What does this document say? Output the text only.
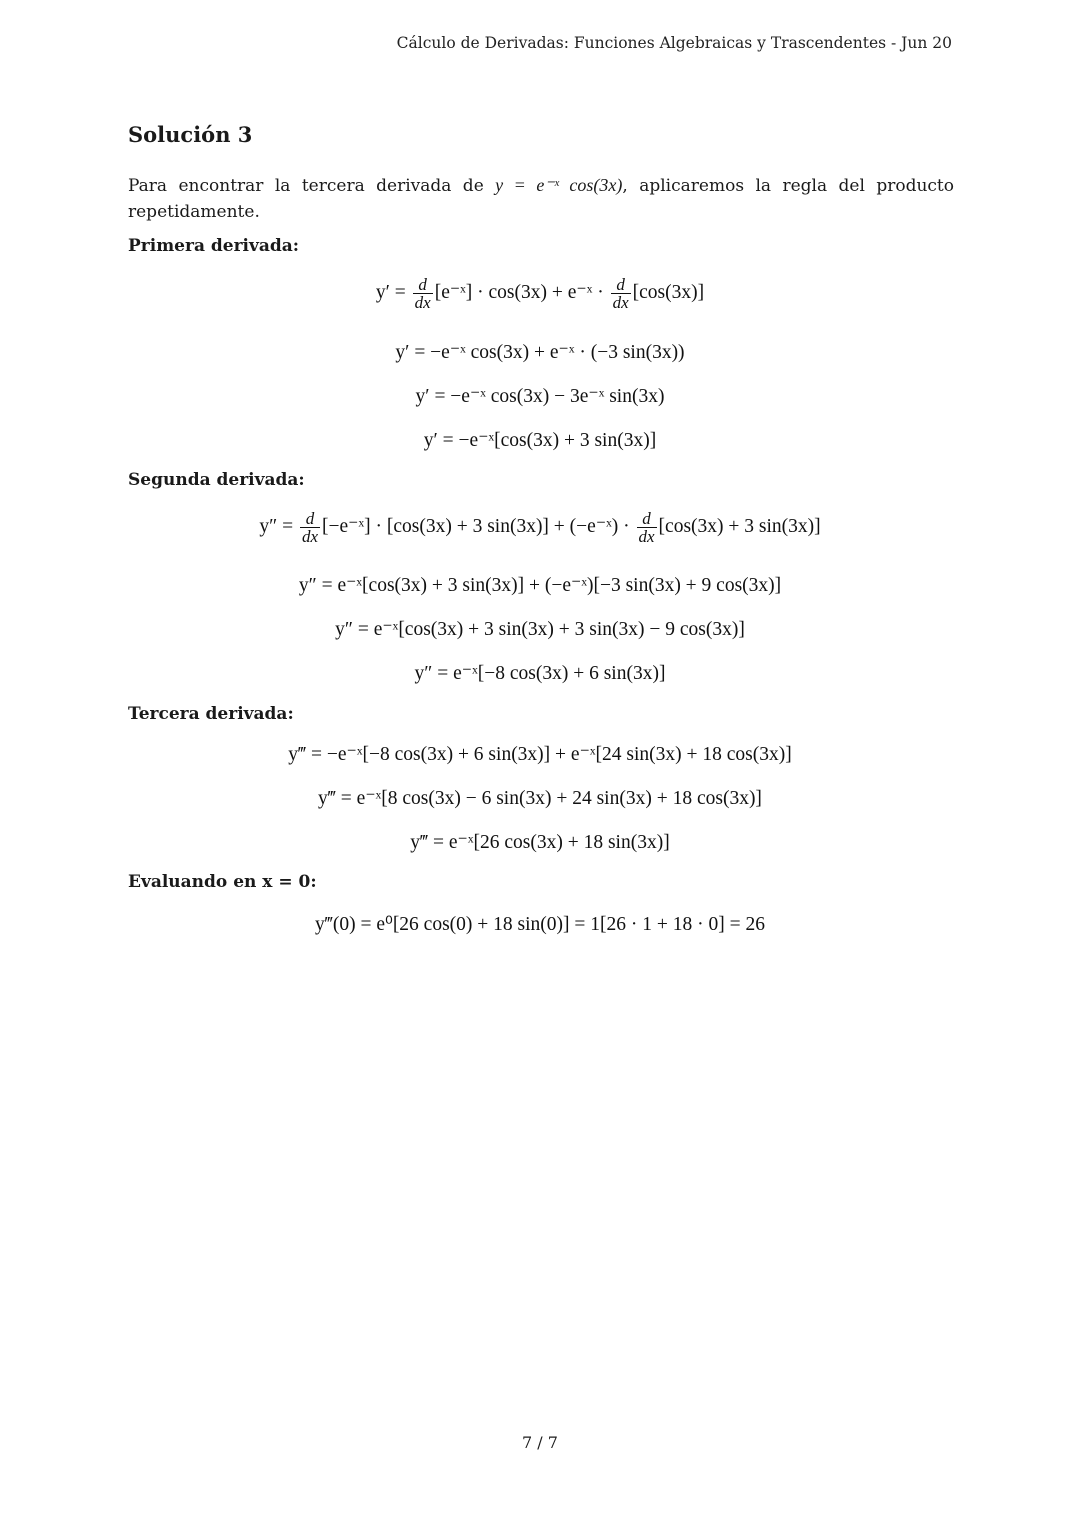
Cálculo de Derivadas: Funciones Algebraicas y Trascendentes - Jun 20
Solución 3
Para encontrar la tercera derivada de y = e⁻ˣ cos(3x), aplicaremos la regla del producto repetidamente.
Primera derivada:
$y' = \frac{d}{dx}$ [e⁻ˣ] · cos(3x) + e⁻ˣ · $\frac{d}{dx} [\cos(3x)]$
y′ = −e⁻ˣ cos(3x) + e⁻ˣ · (−3 sin(3x))
y′ = −e⁻ˣ cos(3x) − 3e⁻ˣ sin(3x)
y′ = −e⁻ˣ[cos(3x) + 3 sin(3x)]
Segunda derivada:
$y'' = \frac{d}{dx}$ [−e⁻ˣ] · [cos(3x) + 3 sin(3x)] + (−e⁻ˣ) · $\frac{d}{dx} [\cos(3x) + 3$ sin(3x)]
y″ = e⁻ˣ[cos(3x) + 3 sin(3x)] + (−e⁻ˣ)[−3 sin(3x) + 9 cos(3x)]
y″ = e⁻ˣ[cos(3x) + 3 sin(3x) + 3 sin(3x) − 9 cos(3x)]
y″ = e⁻ˣ[−8 cos(3x) + 6 sin(3x)]
Tercera derivada:
y‴ = −e⁻ˣ[−8 cos(3x) + 6 sin(3x)] + e⁻ˣ[24 sin(3x) + 18 cos(3x)]
y‴ = e⁻ˣ[8 cos(3x) − 6 sin(3x) + 24 sin(3x) + 18 cos(3x)]
y‴ = e⁻ˣ[26 cos(3x) + 18 sin(3x)]
Evaluando en x = 0:
y‴(0) = e⁰[26 cos(0) + 18 sin(0)] = 1[26 · 1 + 18 · 0] = 26
7 / 7
